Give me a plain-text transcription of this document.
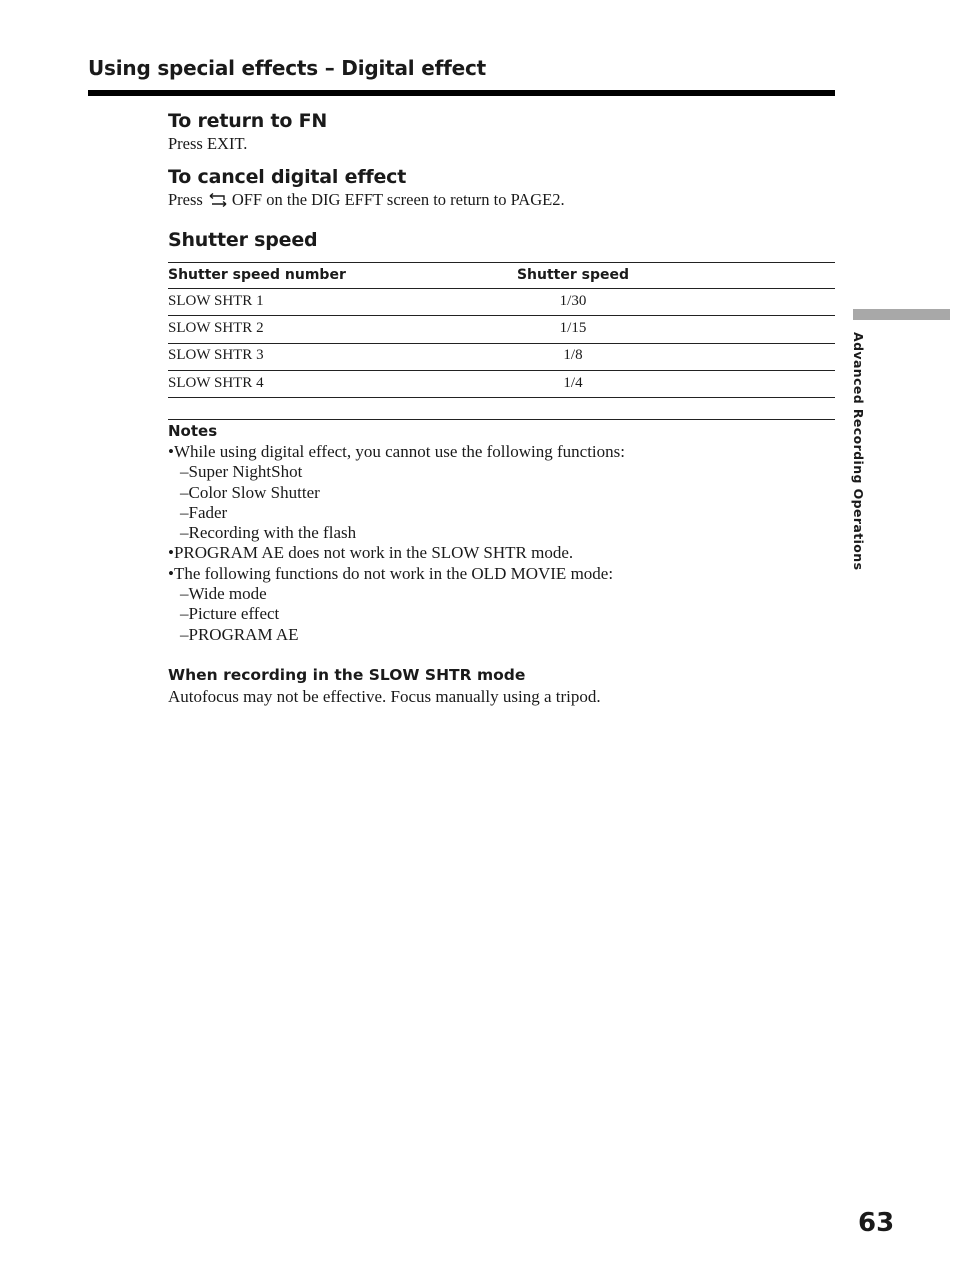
Using special effects – Digital effect
To return to FN
Press EXIT.
To cancel digital effect
Press OFF on the DIG EFFT screen to return to PAGE2.
Shutter speed
Shutter speed number	Shutter speed
SLOW SHTR 1	1/30
SLOW SHTR 2	1/15
SLOW SHTR 3	1/8
SLOW SHTR 4	1/4
Notes
•While using digital effect, you cannot use the following functions:
–Super NightShot
–Color Slow Shutter
–Fader
–Recording with the flash
•PROGRAM AE does not work in the SLOW SHTR mode.
•The following functions do not work in the OLD MOVIE mode:
–Wide mode
–Picture effect
–PROGRAM AE
When recording in the SLOW SHTR mode
Autofocus may not be effective. Focus manually using a tripod.
Advanced Recording Operations
63
